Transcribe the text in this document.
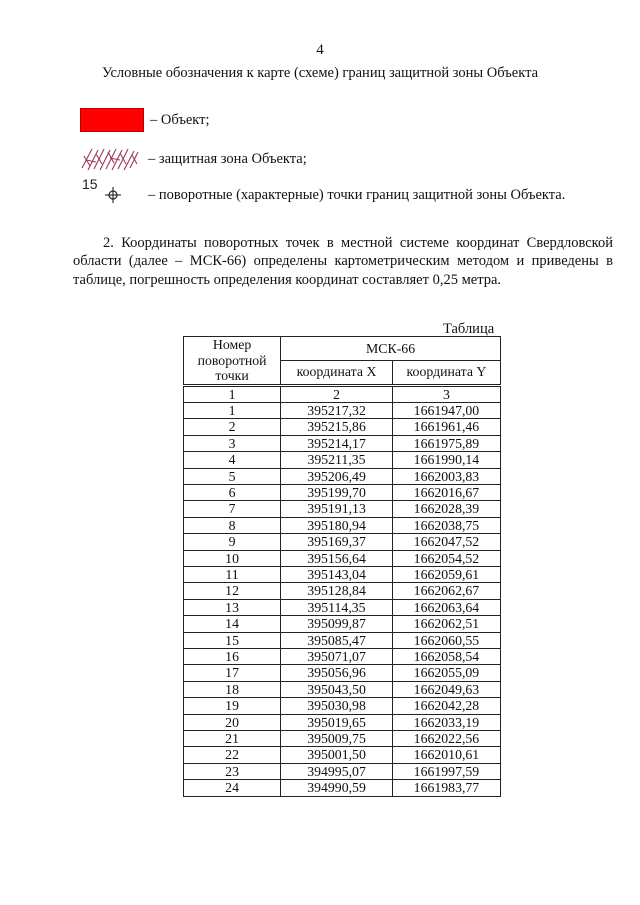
4
Условные обозначения к карте (схеме) границ защитной зоны Объекта
– Объект;
– защитная зона Объекта;
15
– поворотные (характерные) точки границ защитной зоны Объекта.
2. Координаты поворотных точек в местной системе координат Свердловской области (далее – МСК-66) определены картометрическим методом и приведены в таблице, погрешность определения координат составляет 0,25 метра.
Таблица
Номер поворотной точки	МСК-66	
	координата X	координата Y
1	2	3
1	395217,32	1661947,00
2	395215,86	1661961,46
3	395214,17	1661975,89
4	395211,35	1661990,14
5	395206,49	1662003,83
6	395199,70	1662016,67
7	395191,13	1662028,39
8	395180,94	1662038,75
9	395169,37	1662047,52
10	395156,64	1662054,52
11	395143,04	1662059,61
12	395128,84	1662062,67
13	395114,35	1662063,64
14	395099,87	1662062,51
15	395085,47	1662060,55
16	395071,07	1662058,54
17	395056,96	1662055,09
18	395043,50	1662049,63
19	395030,98	1662042,28
20	395019,65	1662033,19
21	395009,75	1662022,56
22	395001,50	1662010,61
23	394995,07	1661997,59
24	394990,59	1661983,77
